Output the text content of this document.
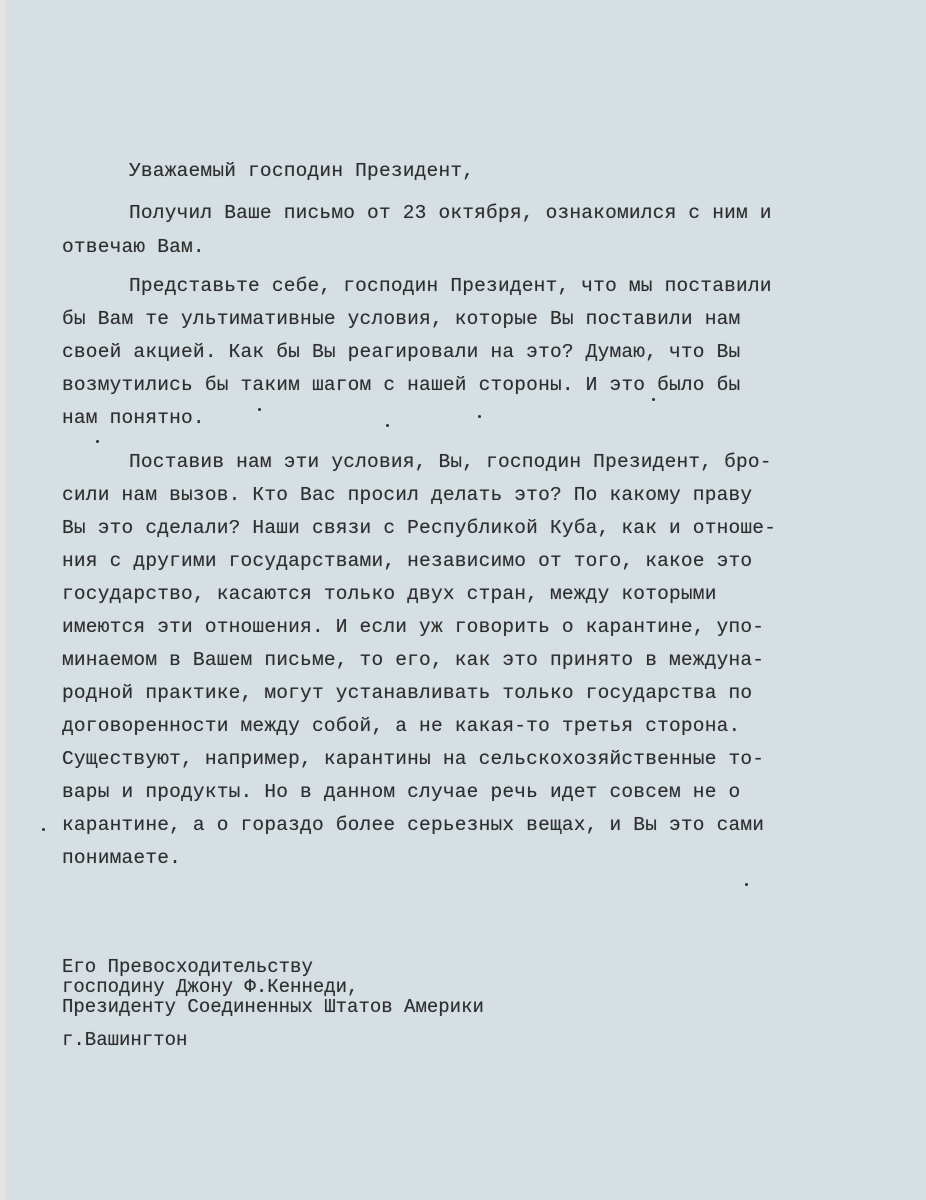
Уважаемый господин Президент,
Получил Ваше письмо от 23 октября, ознакомился с ним и
отвечаю Вам.
Представьте себе, господин Президент, что мы поставили
бы Вам те ультимативные условия, которые Вы поставили нам
своей акцией. Как бы Вы реагировали на это? Думаю, что Вы
возмутились бы таким шагом с нашей стороны. И это было бы
нам понятно.
Поставив нам эти условия, Вы, господин Президент, бро-
сили нам вызов. Кто Вас просил делать это? По какому праву
Вы это сделали? Наши связи с Республикой Куба, как и отноше-
ния с другими государствами, независимо от того, какое это
государство, касаются только двух стран, между которыми
имеются эти отношения. И если уж говорить о карантине, упо-
минаемом в Вашем письме, то его, как это принято в междуна-
родной практике, могут устанавливать только государства по
договоренности между собой, а не какая-то третья сторона.
Существуют, например, карантины на сельскохозяйственные то-
вары и продукты. Но в данном случае речь идет совсем не о
карантине, а о гораздо более серьезных вещах, и Вы это сами
понимаете.
Его Превосходительству
господину Джону Ф.Кеннеди,
Президенту Соединенных Штатов Америки
г.Вашингтон
